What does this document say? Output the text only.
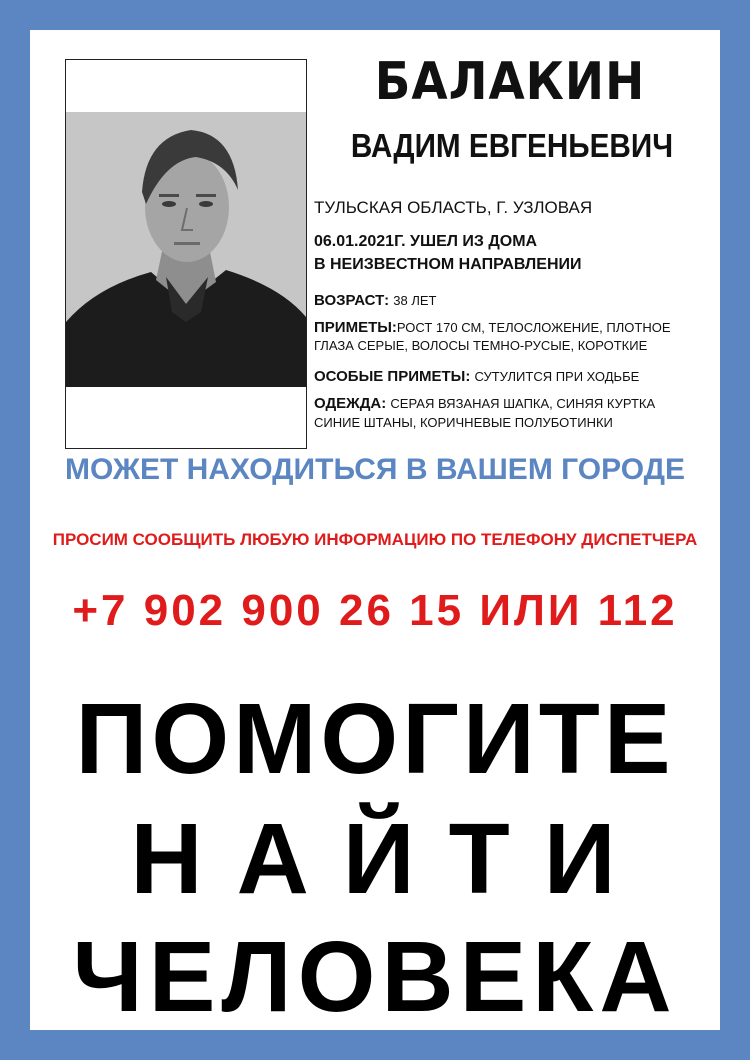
БАЛАКИН
ВАДИМ ЕВГЕНЬЕВИЧ
ТУЛЬСКАЯ ОБЛАСТЬ, Г. УЗЛОВАЯ
06.01.2021Г. УШЕЛ ИЗ ДОМА
В НЕИЗВЕСТНОМ НАПРАВЛЕНИИ
ВОЗРАСТ: 38 ЛЕТ
ПРИМЕТЫ:РОСТ 170 СМ, ТЕЛОСЛОЖЕНИЕ, ПЛОТНОЕ
ГЛАЗА СЕРЫЕ, ВОЛОСЫ ТЕМНО-РУСЫЕ, КОРОТКИЕ
ОСОБЫЕ ПРИМЕТЫ: СУТУЛИТСЯ ПРИ ХОДЬБЕ
ОДЕЖДА: СЕРАЯ ВЯЗАНАЯ ШАПКА, СИНЯЯ КУРТКА
СИНИЕ ШТАНЫ, КОРИЧНЕВЫЕ ПОЛУБОТИНКИ
МОЖЕТ НАХОДИТЬСЯ В ВАШЕМ ГОРОДЕ
ПРОСИМ СООБЩИТЬ ЛЮБУЮ ИНФОРМАЦИЮ ПО ТЕЛЕФОНУ ДИСПЕТЧЕРА
+7 902 900 26 15 ИЛИ 112
ПОМОГИТЕ
НАЙТИ
ЧЕЛОВЕКА
